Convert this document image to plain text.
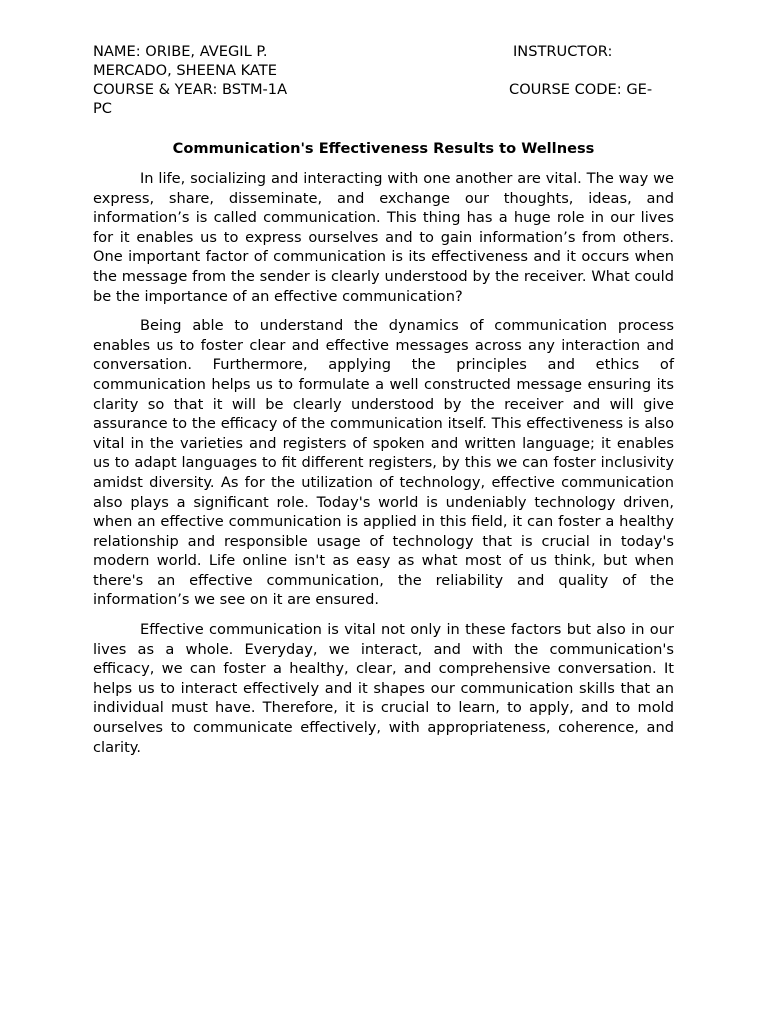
NAME: ORIBE, AVEGIL P.
MERCADO, SHEENA KATE
COURSE & YEAR: BSTM-1A
INSTRUCTOR:
COURSE CODE: GE-
PC
Communication's Effectiveness Results to Wellness

In life, socializing and interacting with one another are vital. The way we express, share, disseminate, and exchange our thoughts, ideas, and information’s is called communication. This thing has a huge role in our lives for it enables us to express ourselves and to gain information’s from others. One important factor of communication is its effectiveness and it occurs when the message from the sender is clearly understood by the receiver. What could be the importance of an effective communication?

Being able to understand the dynamics of communication process enables us to foster clear and effective messages across any interaction and conversation. Furthermore, applying the principles and ethics of communication helps us to formulate a well constructed message ensuring its clarity so that it will be clearly understood by the receiver and will give assurance to the efficacy of the communication itself. This effectiveness is also vital in the varieties and registers of spoken and written language; it enables us to adapt languages to fit different registers, by this we can foster inclusivity amidst diversity. As for the utilization of technology, effective communication also plays a significant role. Today's world is undeniably technology driven, when an effective communication is applied in this field, it can foster a healthy relationship and responsible usage of technology that is crucial in today's modern world. Life online isn't as easy as what most of us think, but when there's an effective communication, the reliability and quality of the information’s we see on it are ensured.

Effective communication is vital not only in these factors but also in our lives as a whole. Everyday, we interact, and with the communication's efficacy, we can foster a healthy, clear, and comprehensive conversation. It helps us to interact effectively and it shapes our communication skills that an individual must have. Therefore, it is crucial to learn, to apply, and to mold ourselves to communicate effectively, with appropriateness, coherence, and clarity.
